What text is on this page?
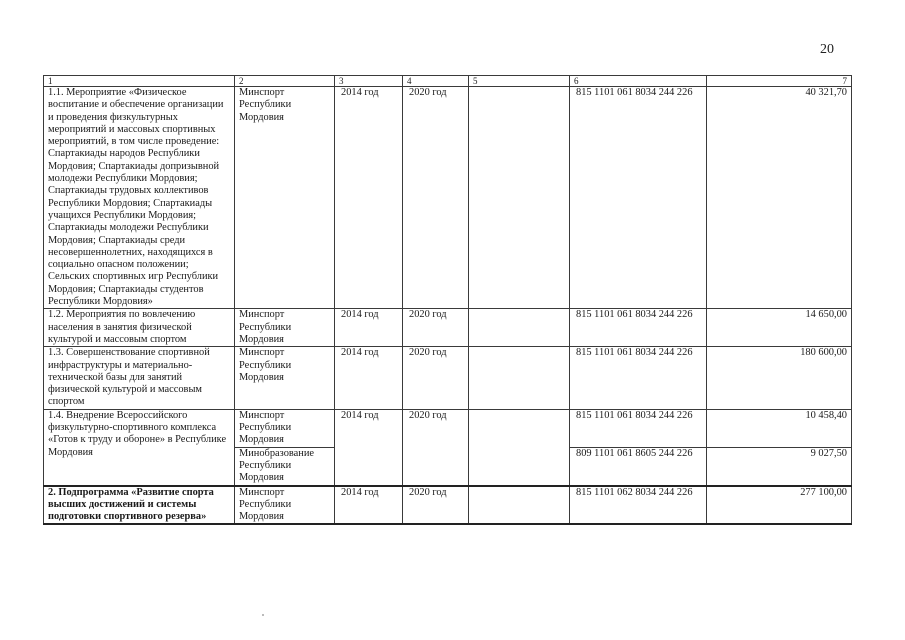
20
1	2	3	4	5	6	7
1.1. Мероприятие «Физическое воспитание и обеспечение организации и проведения физкультурных мероприятий и массовых спортивных мероприятий, в том числе проведение: Спартакиады народов Республики Мордовия; Спартакиады допризывной молодежи Республики Мордовия; Спартакиады трудовых коллективов Республики Мордовия; Спартакиады учащихся Республики Мордовия; Спартакиады молодежи Республики Мордовия; Спартакиады среди несовершеннолетних, находящихся в социально опасном положении; Сельских спортивных игр Республики Мордовия; Спартакиады студентов Республики Мордовия»	Минспорт Республики Мордовия	2014 год	2020 год		815 1101 061 8034 244 226	40 321,70
1.2. Мероприятия по вовлечению населения в занятия физической культурой и массовым спортом	Минспорт Республики Мордовия	2014 год	2020 год		815 1101 061 8034 244 226	14 650,00
1.3. Совершенствование спортивной инфраструктуры и материально-технической базы для занятий физической культурой и массовым спортом	Минспорт Республики Мордовия	2014 год	2020 год		815 1101 061 8034 244 226	180 600,00
1.4. Внедрение Всероссийского физкультурно-спортивного комплекса «Готов к труду и обороне» в Республике Мордовия	Минспорт Республики Мордовия	2014 год	2020 год		815 1101 061 8034 244 226	10 458,40
	Минобразование Республики Мордовия				809 1101 061 8605 244 226	9 027,50
2. Подпрограмма «Развитие спорта высших достижений и системы подготовки спортивного резерва»	Минспорт Республики Мордовия	2014 год	2020 год		815 1101 062 8034 244 226	277 100,00
